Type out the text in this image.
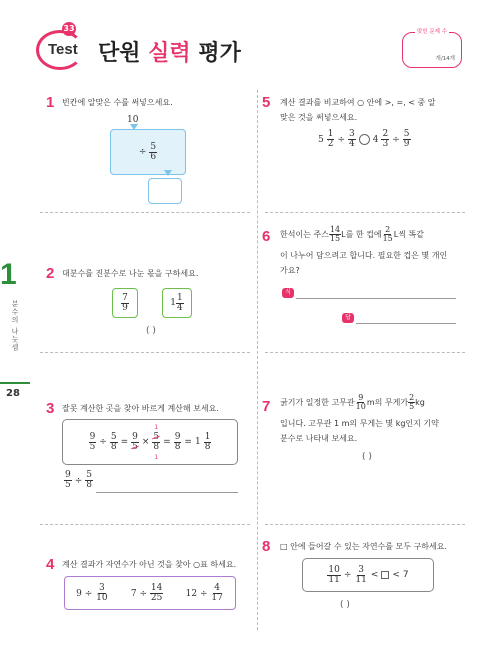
33
Test 단원 실력 평가
맞힌 문제 수
개/14개
1
분수의 나눗셈
28
1 빈칸에 알맞은 수를 써넣으세요.
10
÷
$\frac{5}{6}$
2 대분수를 진분수로 나눈 몫을 구하세요.
$\frac{7}{9}$	$1 \frac{1}{4}$
( )
3 잘못 계산한 곳을 찾아 바르게 계산해 보세요.
$\frac{9}{5} \div \frac{5}{8} = \frac{9}{5}$ ×
1
$\frac{5}{8}$
1
= $\frac{9}{8} = 1 \frac{1}{8}$
$\frac{9}{5} \div \frac{5}{8}$
4 계산 결과가 자연수가 아닌 것을 찾아 ○표 하세요.
$9 \div \frac{3}{10} 7 \div \frac{14}{25} 12 \div \frac{4}{17}$
5 계산 결과를 비교하여 ○ 안에 >, =, < 중 알
맞은 것을 써넣으세요.
$5 \frac{1}{2} \div \frac{3}{4} 4 \frac{2}{3} \div \frac{5}{9}$
6 한석이는 주스 $\frac{14}{15}$ L를 한 컵에 $\frac{2}{15}$ L씩 똑같
이 나누어 담으려고 합니다. 필요한 컵은 몇 개인
가요?
식
답
7 굵기가 일정한 고무관 $\frac{9}{10}$ m의 무게가 $\frac{2}{5}$ kg
입니다. 고무관 1 m의 무게는 몇 kg인지 기약
분수로 나타내 보세요.
( )
8 □ 안에 들어갈 수 있는 자연수를 모두 구하세요.
$\frac{10}{11} \div \frac{3}{11}$ < < 7
( )
